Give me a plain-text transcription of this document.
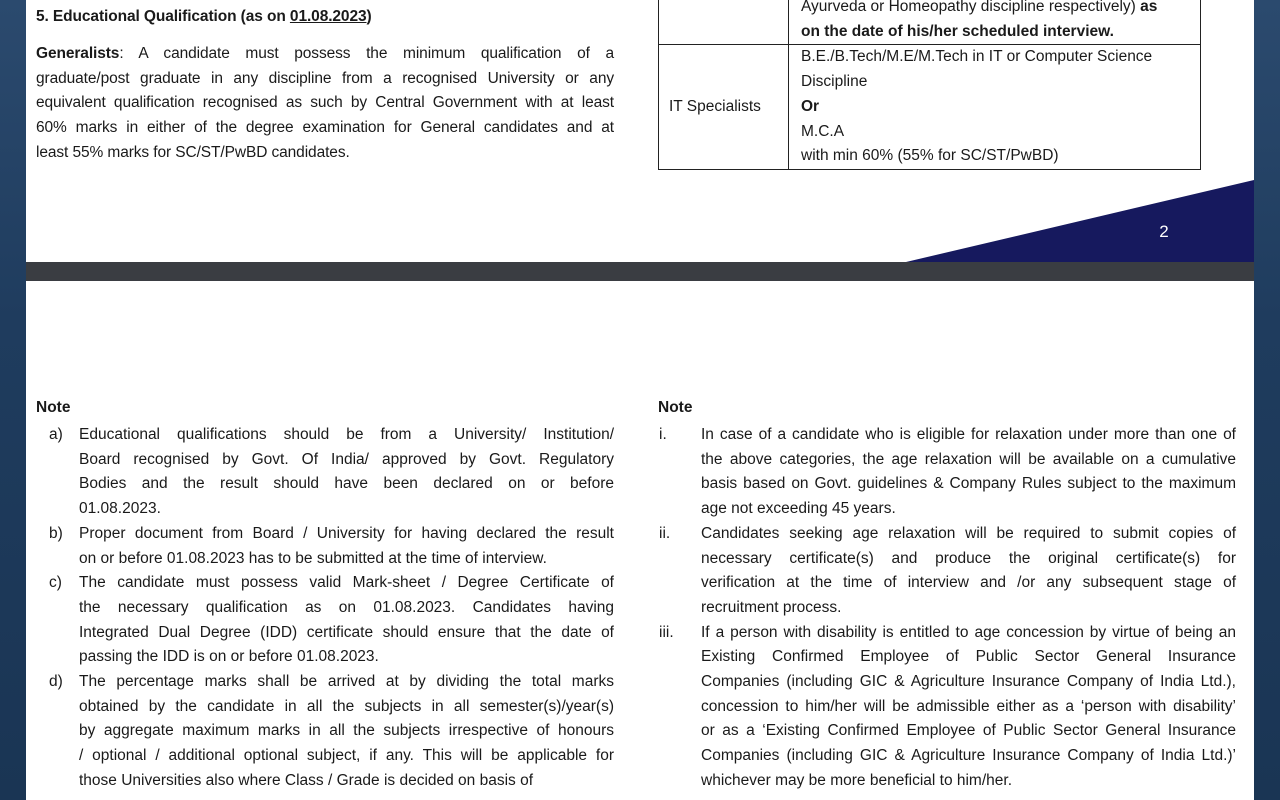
5. Educational Qualification (as on 01.08.2023)
Generalists: A candidate must possess the minimum qualification of a
graduate/post graduate in any discipline from a recognised University or any
equivalent qualification recognised as such by Central Government with at least
60% marks in either of the degree examination for General candidates and at
least 55% marks for SC/ST/PwBD candidates.

	Ayurveda or Homeopathy discipline respectively) as
on the date of his/her scheduled interview.

IT Specialists	B.E./B.Tech/M.E/M.Tech in IT or Computer Science
Discipline
Or
M.C.A
with min 60% (55% for SC/ST/PwBD)
2
Note
a) Educational qualifications should be from a University/ Institution/
Board recognised by Govt. Of India/ approved by Govt. Regulatory
Bodies and the result should have been declared on or before
01.08.2023.
b) Proper document from Board / University for having declared the result
on or before 01.08.2023 has to be submitted at the time of interview.
c) The candidate must possess valid Mark-sheet / Degree Certificate of
the necessary qualification as on 01.08.2023. Candidates having
Integrated Dual Degree (IDD) certificate should ensure that the date of
passing the IDD is on or before 01.08.2023.
d) The percentage marks shall be arrived at by dividing the total marks
obtained by the candidate in all the subjects in all semester(s)/year(s)
by aggregate maximum marks in all the subjects irrespective of honours
/ optional / additional optional subject, if any. This will be applicable for
those Universities also where Class / Grade is decided on basis of
Note
i. In case of a candidate who is eligible for relaxation under more than one of
the above categories, the age relaxation will be available on a cumulative
basis based on Govt. guidelines & Company Rules subject to the maximum
age not exceeding 45 years.
ii. Candidates seeking age relaxation will be required to submit copies of
necessary certificate(s) and produce the original certificate(s) for
verification at the time of interview and /or any subsequent stage of
recruitment process.
iii. If a person with disability is entitled to age concession by virtue of being an
Existing Confirmed Employee of Public Sector General Insurance
Companies (including GIC & Agriculture Insurance Company of India Ltd.),
concession to him/her will be admissible either as a ‘person with disability’
or as a ‘Existing Confirmed Employee of Public Sector General Insurance
Companies (including GIC & Agriculture Insurance Company of India Ltd.)’
whichever may be more beneficial to him/her.
